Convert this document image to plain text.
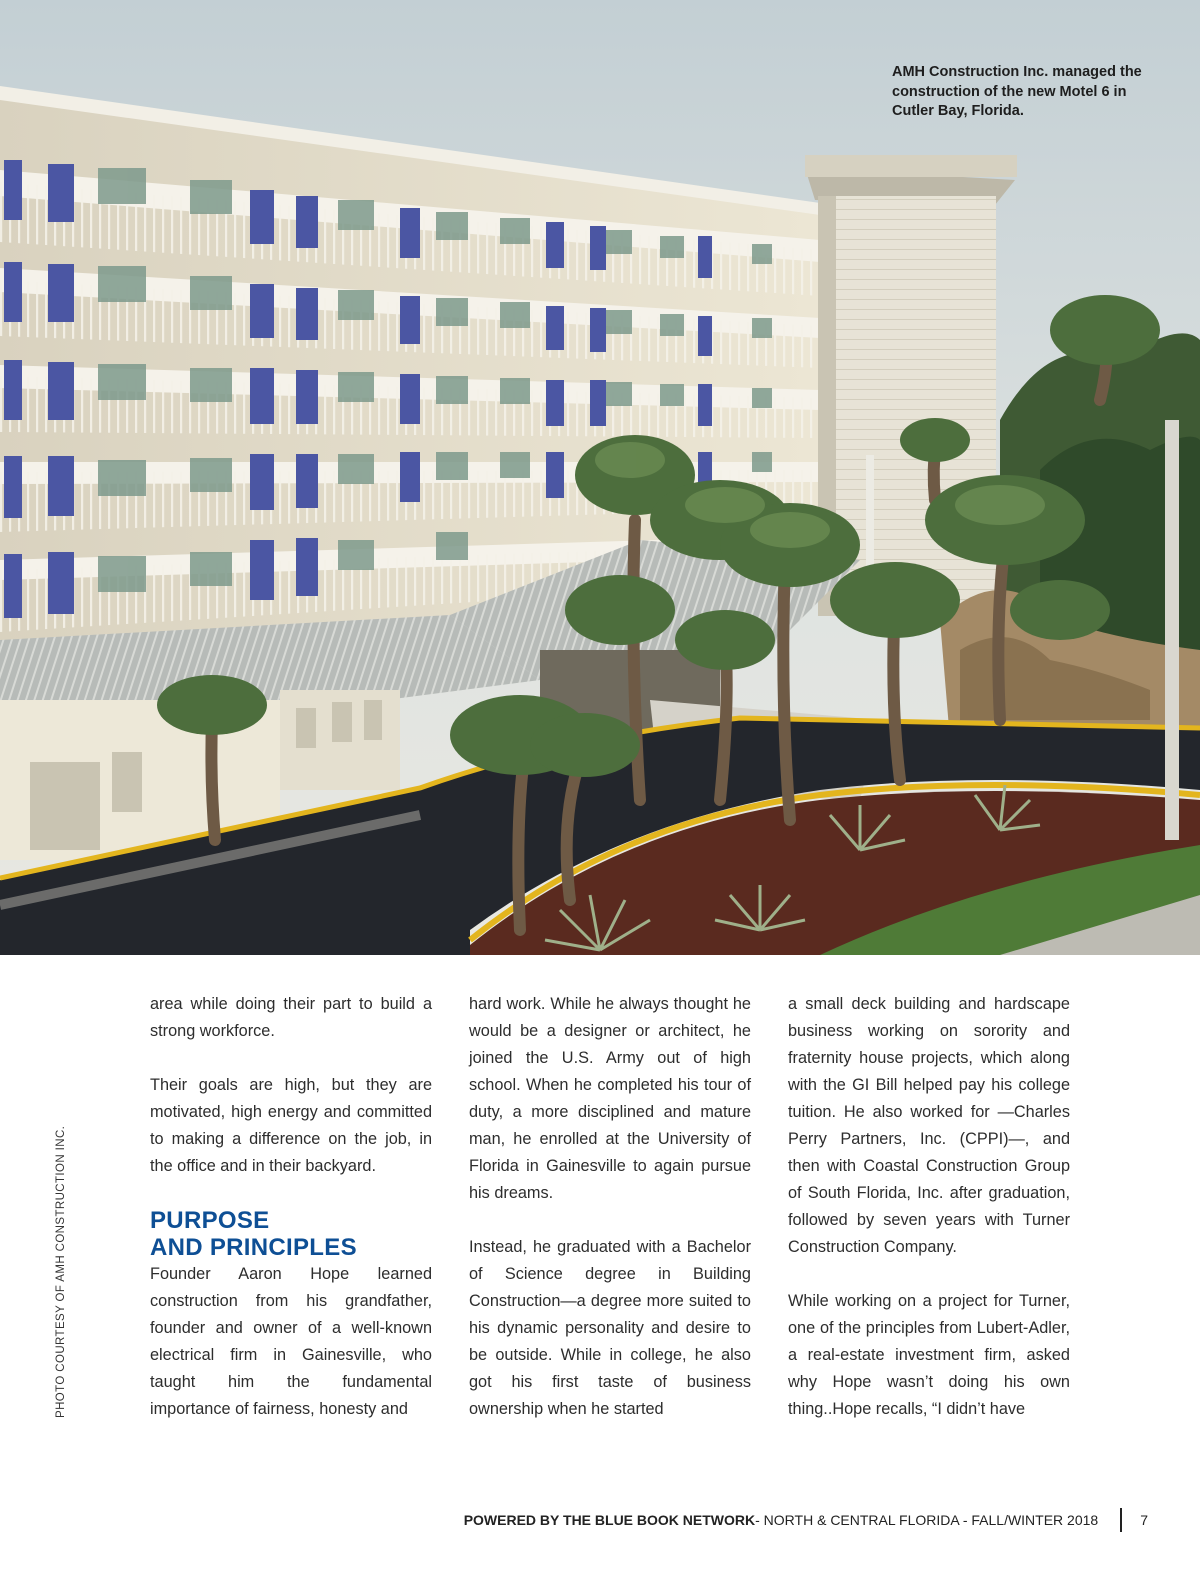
AMH Construction Inc. managed the construction of the new Motel 6 in Cutler Bay, Florida.
PHOTO COURTESY OF AMH CONSTRUCTION INC.

area while doing their part to build a strong workforce.

Their goals are high, but they are motivated, high energy and committed to making a difference on the job, in the office and in their backyard.

PURPOSE
AND PRINCIPLES

Founder Aaron Hope learned construction from his grandfather, founder and owner of a well-known electrical firm in Gainesville, who taught him the fundamental importance of fairness, honesty and

hard work. While he always thought he would be a designer or architect, he joined the U.S. Army out of high school. When he completed his tour of duty, a more disciplined and mature man, he enrolled at the University of Florida in Gainesville to again pursue his dreams.

Instead, he graduated with a Bachelor of Science degree in Building Construction—a degree more suited to his dynamic personality and desire to be outside. While in college, he also got his first taste of business ownership when he started

a small deck building and hardscape business working on sorority and fraternity house projects, which along with the GI Bill helped pay his college tuition. He also worked for —Charles Perry Partners, Inc. (CPPI)—, and then with Coastal Construction Group of South Florida, Inc. after graduation, followed by seven years with Turner Construction Company.

While working on a project for Turner, one of the principles from Lubert-Adler, a real-estate investment firm, asked why Hope wasn’t doing his own thing..Hope recalls, “I didn’t have

POWERED BY THE BLUE BOOK NETWORK - NORTH & CENTRAL FLORIDA - FALL/WINTER 2018	7
